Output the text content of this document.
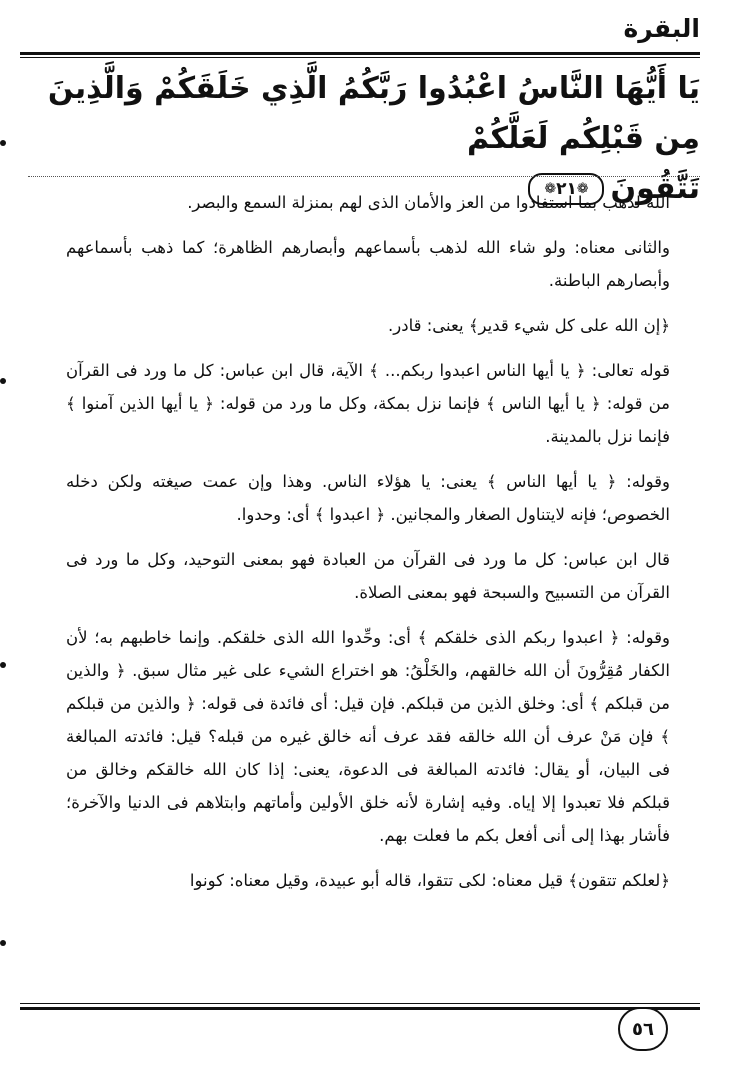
البقرة
يَا أَيُّهَا النَّاسُ اعْبُدُوا رَبَّكُمُ الَّذِي خَلَقَكُمْ وَالَّذِينَ مِن قَبْلِكُم لَعَلَّكُمْ
تَتَّقُونَ
❁
٢١
❁

الله لذهب بما استفادوا من العز والأمان الذى لهم بمنزلة السمع والبصر.

والثانى معناه: ولو شاء الله لذهب بأسماعهم وأبصارهم الظاهرة؛ كما ذهب بأسماعهم وأبصارهم الباطنة.

﴿إن الله على كل شيء قدير﴾ يعنى: قادر.

قوله تعالى: ﴿ يا أيها الناس اعبدوا ربكم... ﴾ الآية، قال ابن عباس: كل ما ورد فى القرآن من قوله: ﴿ يا أيها الناس ﴾ فإنما نزل بمكة، وكل ما ورد من قوله: ﴿ يا أيها الذين آمنوا ﴾ فإنما نزل بالمدينة.

وقوله: ﴿ يا أيها الناس ﴾ يعنى: يا هؤلاء الناس. وهذا وإن عمت صيغته ولكن دخله الخصوص؛ فإنه لايتناول الصغار والمجانين. ﴿ اعبدوا ﴾ أى: وحدوا.

قال ابن عباس: كل ما ورد فى القرآن من العبادة فهو بمعنى التوحيد، وكل ما ورد فى القرآن من التسبيح والسبحة فهو بمعنى الصلاة.

وقوله: ﴿ اعبدوا ربكم الذى خلقكم ﴾ أى: وحِّدوا الله الذى خلقكم. وإنما خاطبهم به؛ لأن الكفار مُقِرُّونَ أن الله خالقهم، والخَلْقُ: هو اختراع الشيء على غير مثال سبق. ﴿ والذين من قبلكم ﴾ أى: وخلق الذين من قبلكم. فإن قيل: أى فائدة فى قوله: ﴿ والذين من قبلكم ﴾ فإن مَنْ عرف أن الله خالقه فقد عرف أنه خالق غيره من قبله؟ قيل: فائدته المبالغة فى البيان، أو يقال: فائدته المبالغة فى الدعوة، يعنى: إذا كان الله خالقكم وخالق من قبلكم فلا تعبدوا إلا إياه. وفيه إشارة لأنه خلق الأولين وأماتهم وابتلاهم فى الدنيا والآخرة؛ فأشار بهذا إلى أنى أفعل بكم ما فعلت بهم.

﴿لعلكم تتقون﴾ قيل معناه: لكى تتقوا، قاله أبو عبيدة، وقيل معناه: كونوا

٥٦
